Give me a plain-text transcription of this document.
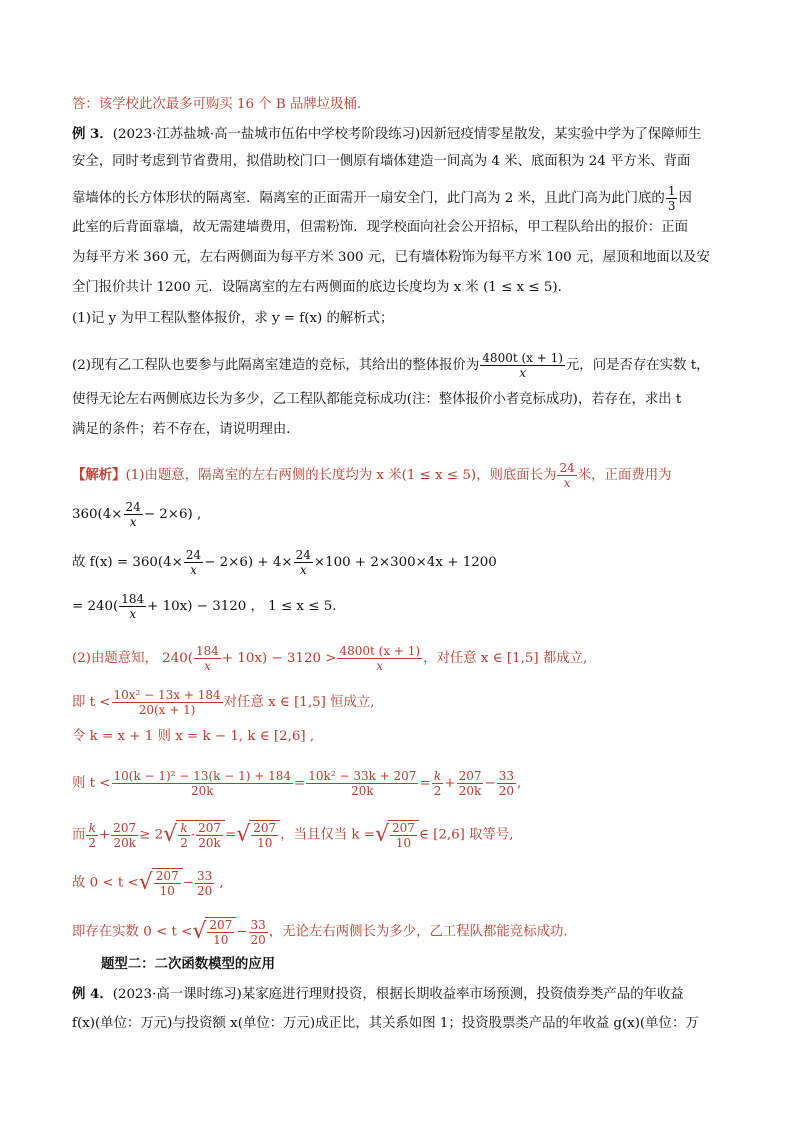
答：该学校此次最多可购买 16 个 B 品牌垃圾桶．
例 3．(2023·江苏盐城·高一盐城市伍佑中学校考阶段练习)因新冠疫情零星散发，某实验中学为了保障师生
安全，同时考虑到节省费用，拟借助校门口一侧原有墙体建造一间高为 4 米、底面积为 24 平方米、背面
靠墙体的长方体形状的隔离室．隔离室的正面需开一扇安全门，此门高为 2 米，且此门高为此门底的 $\frac{1}{3}$ 因
此室的后背面靠墙，故无需建墙费用，但需粉饰．现学校面向社会公开招标，甲工程队给出的报价：正面
为每平方米 360 元，左右两侧面为每平方米 300 元，已有墙体粉饰为每平方米 100 元，屋顶和地面以及安
全门报价共计 1200 元．设隔离室的左右两侧面的底边长度均为 x 米 (1 ≤ x ≤ 5)．
(1)记 y 为甲工程队整体报价，求 y = f(x) 的解析式；
(2)现有乙工程队也要参与此隔离室建造的竞标，其给出的整体报价为 $\frac{4800t (x + 1)}{x}$ 元，问是否存在实数 t，
使得无论左右两侧底边长为多少，乙工程队都能竞标成功(注：整体报价小者竞标成功)，若存在，求出 t
满足的条件；若不存在，请说明理由．
【解析】(1)由题意，隔离室的左右两侧的长度均为 x 米(1 ≤ x ≤ 5)，则底面长为 $\frac{24}{x}$ 米，正面费用为
$360(4\times \frac{24}{x} - 2\times 6)$ ,
故 $f(x) = 360(4\times \frac{24}{x} - 2\times 6) + 4\times \frac{24}{x} \times 100 + 2\times 300\times 4x + 1200$
= $240( \frac{184}{x} + 10x) - 3120$ ， 1 ≤ x ≤ 5.
(2)由题意知， $240( \frac{184}{x} + 10x) - 3120 > \frac{4800t (x + 1)}{x}$ ，对任意 x ∈ [1,5] 都成立,
即 $t < \frac{\text{10x² − 13x + 184}}{20(x + 1)}$ 对任意 x ∈ [1,5] 恒成立,
令 k = x + 1 则 x = k − 1, k ∈ [2,6] ,
则 $t < \frac{\text{10(k − 1)² − 13(k − 1) + 184}}{20k} = \frac{\text{10k² − 33k + 207}}{20k} = \frac{k}{2} + \frac{207}{20k} - \frac{33}{20}$ ,
而 $\frac{k}{2} + \frac{207}{20k} \ge 2√ \frac{k}{2} \cdot \frac{207}{20k}$ =√ $\frac{207}{10}$ ，当且仅当 k =√ $\frac{207}{10}$ ∈ [2,6] 取等号,
故 0 < t <√ $\frac{207}{10} - \frac{33}{20}$ ,
即存在实数 0 < t <√ $\frac{207}{10} - \frac{33}{20}$ ，无论左右两侧长为多少，乙工程队都能竞标成功.
题型二：二次函数模型的应用
例 4．(2023·高一课时练习)某家庭进行理财投资，根据长期收益率市场预测，投资债券类产品的年收益
f(x)(单位：万元)与投资额 x(单位：万元)成正比，其关系如图 1；投资股票类产品的年收益 g(x)(单位：万
